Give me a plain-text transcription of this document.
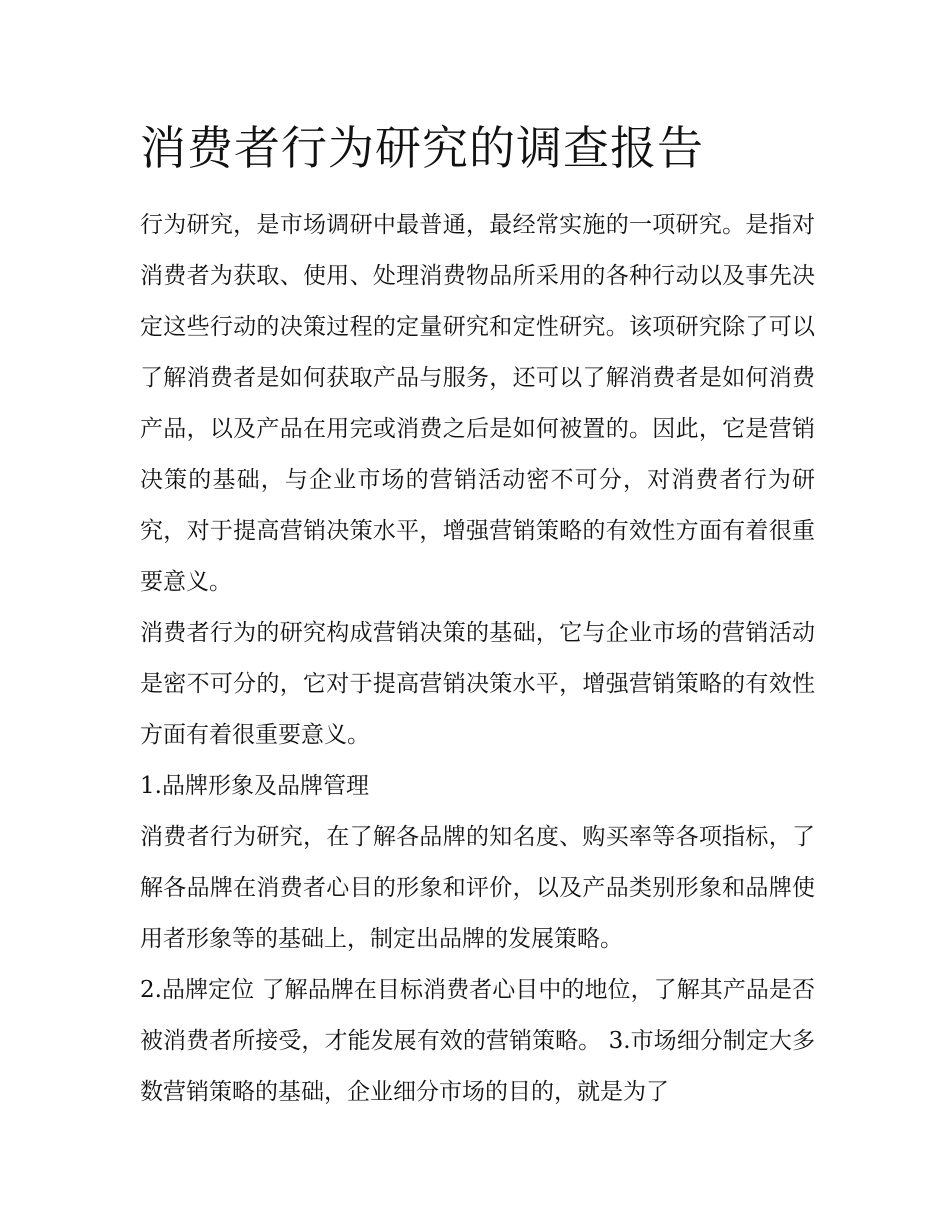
消费者行为研究的调查报告

行为研究，是市场调研中最普通，最经常实施的一项研究。是指对消费者为获取、使用、处理消费物品所采用的各种行动以及事先决定这些行动的决策过程的定量研究和定性研究。该项研究除了可以了解消费者是如何获取产品与服务，还可以了解消费者是如何消费产品，以及产品在用完或消费之后是如何被置的。因此，它是营销决策的基础，与企业市场的营销活动密不可分，对消费者行为研究，对于提高营销决策水平，增强营销策略的有效性方面有着很重要意义。

消费者行为的研究构成营销决策的基础，它与企业市场的营销活动是密不可分的，它对于提高营销决策水平，增强营销策略的有效性方面有着很重要意义。

1.品牌形象及品牌管理

消费者行为研究，在了解各品牌的知名度、购买率等各项指标，了解各品牌在消费者心目的形象和评价，以及产品类别形象和品牌使用者形象等的基础上，制定出品牌的发展策略。

2.品牌定位 了解品牌在目标消费者心目中的地位，了解其产品是否被消费者所接受，才能发展有效的营销策略。 3.市场细分制定大多数营销策略的基础，企业细分市场的目的，就是为了
